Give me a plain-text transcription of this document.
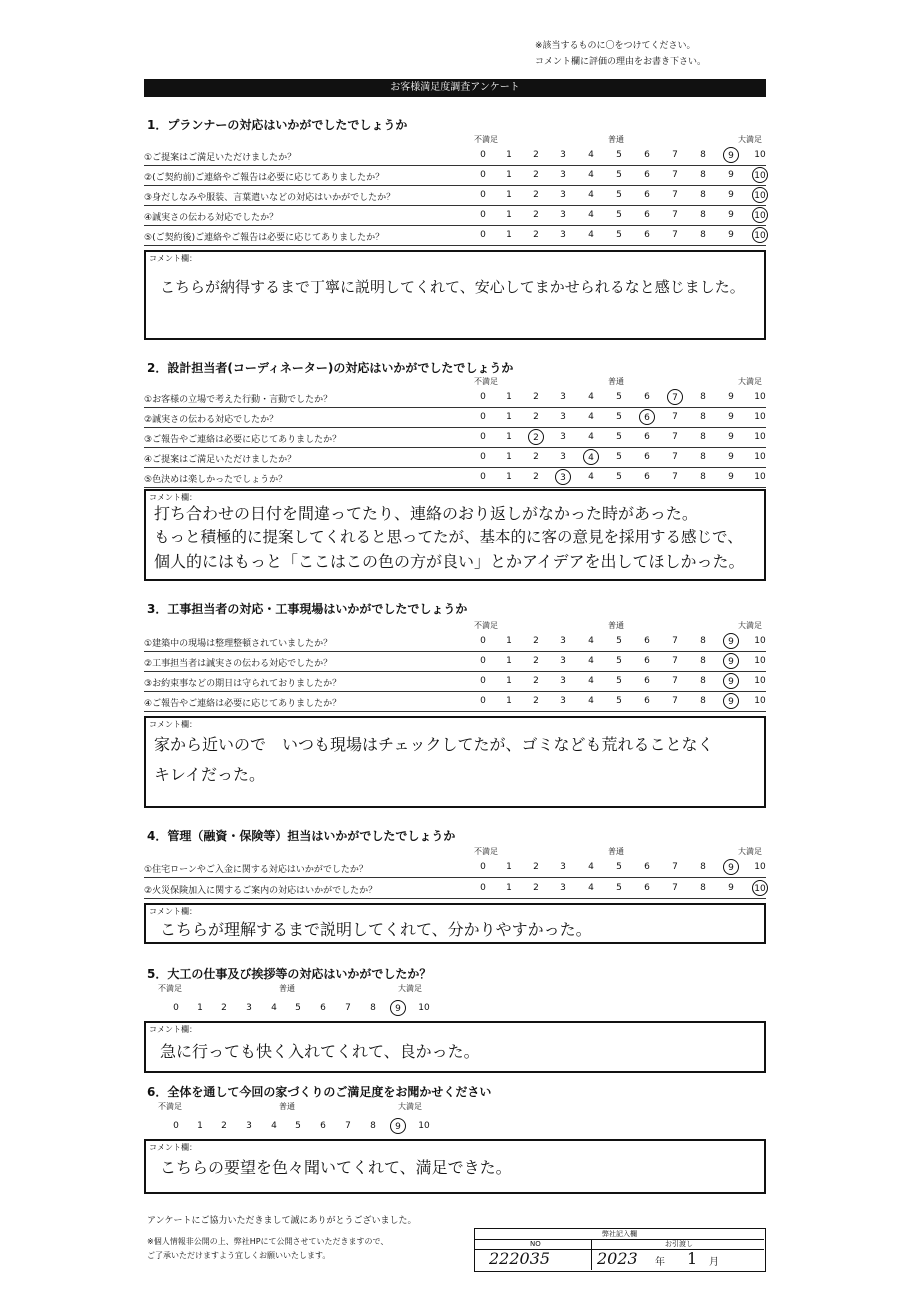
※該当するものに〇をつけてください。
コメント欄に評価の理由をお書き下さい。
お客様満足度調査アンケート
1．プランナーの対応はいかがでしたでしょうか
不満足	普通	大満足
①ご提案はご満足いただけましたか？	0	1	2	3	4	5	6	7	8	9	10
②(ご契約前)ご連絡やご報告は必要に応じてありましたか？	0	1	2	3	4	5	6	7	8	9	10
③身だしなみや服装、言葉遣いなどの対応はいかがでしたか？	0	1	2	3	4	5	6	7	8	9	10
④誠実さの伝わる対応でしたか？	0	1	2	3	4	5	6	7	8	9	10
⑤(ご契約後)ご連絡やご報告は必要に応じてありましたか？	0	1	2	3	4	5	6	7	8	9	10
コメント欄：
こちらが納得するまで丁寧に説明してくれて、安心してまかせられるなと感じました。
2．設計担当者(コーディネーター)の対応はいかがでしたでしょうか
不満足	普通	大満足
①お客様の立場で考えた行動・言動でしたか？	0	1	2	3	4	5	6	7	8	9	10
②誠実さの伝わる対応でしたか？	0	1	2	3	4	5	6	7	8	9	10
③ご報告やご連絡は必要に応じてありましたか？	0	1	2	3	4	5	6	7	8	9	10
④ご提案はご満足いただけましたか？	0	1	2	3	4	5	6	7	8	9	10
⑤色決めは楽しかったでしょうか？	0	1	2	3	4	5	6	7	8	9	10
コメント欄：
打ち合わせの日付を間違ってたり、連絡のおり返しがなかった時があった。
もっと積極的に提案してくれると思ってたが、基本的に客の意見を採用する感じで、
個人的にはもっと「ここはこの色の方が良い」とかアイデアを出してほしかった。
3．工事担当者の対応・工事現場はいかがでしたでしょうか
不満足	普通	大満足
①建築中の現場は整理整頓されていましたか？	0	1	2	3	4	5	6	7	8	9	10
②工事担当者は誠実さの伝わる対応でしたか？	0	1	2	3	4	5	6	7	8	9	10
③お約束事などの期日は守られておりましたか？	0	1	2	3	4	5	6	7	8	9	10
④ご報告やご連絡は必要に応じてありましたか？	0	1	2	3	4	5	6	7	8	9	10
コメント欄：
家から近いので　いつも現場はチェックしてたが、ゴミなども荒れることなく
キレイだった。
4．管理（融資・保険等）担当はいかがでしたでしょうか
不満足	普通	大満足
①住宅ローンやご入金に関する対応はいかがでしたか？	0	1	2	3	4	5	6	7	8	9	10
②火災保険加入に関するご案内の対応はいかがでしたか？	0	1	2	3	4	5	6	7	8	9	10
コメント欄：
こちらが理解するまで説明してくれて、分かりやすかった。
5．大工の仕事及び挨拶等の対応はいかがでしたか？
不満足	普通	大満足
0	1	2	3	4	5	6	7	8	9	10
コメント欄：
急に行っても快く入れてくれて、良かった。
6．全体を通して今回の家づくりのご満足度をお聞かせください
不満足	普通	大満足
0	1	2	3	4	5	6	7	8	9	10
コメント欄：
こちらの要望を色々聞いてくれて、満足できた。
アンケートにご協力いただきまして誠にありがとうございました。
※個人情報非公開の上、弊社HPにて公開させていただきますので、
ご了承いただけますよう宜しくお願いいたします。
弊社記入欄
NO	お引渡し
222035	2023 年 1 月
